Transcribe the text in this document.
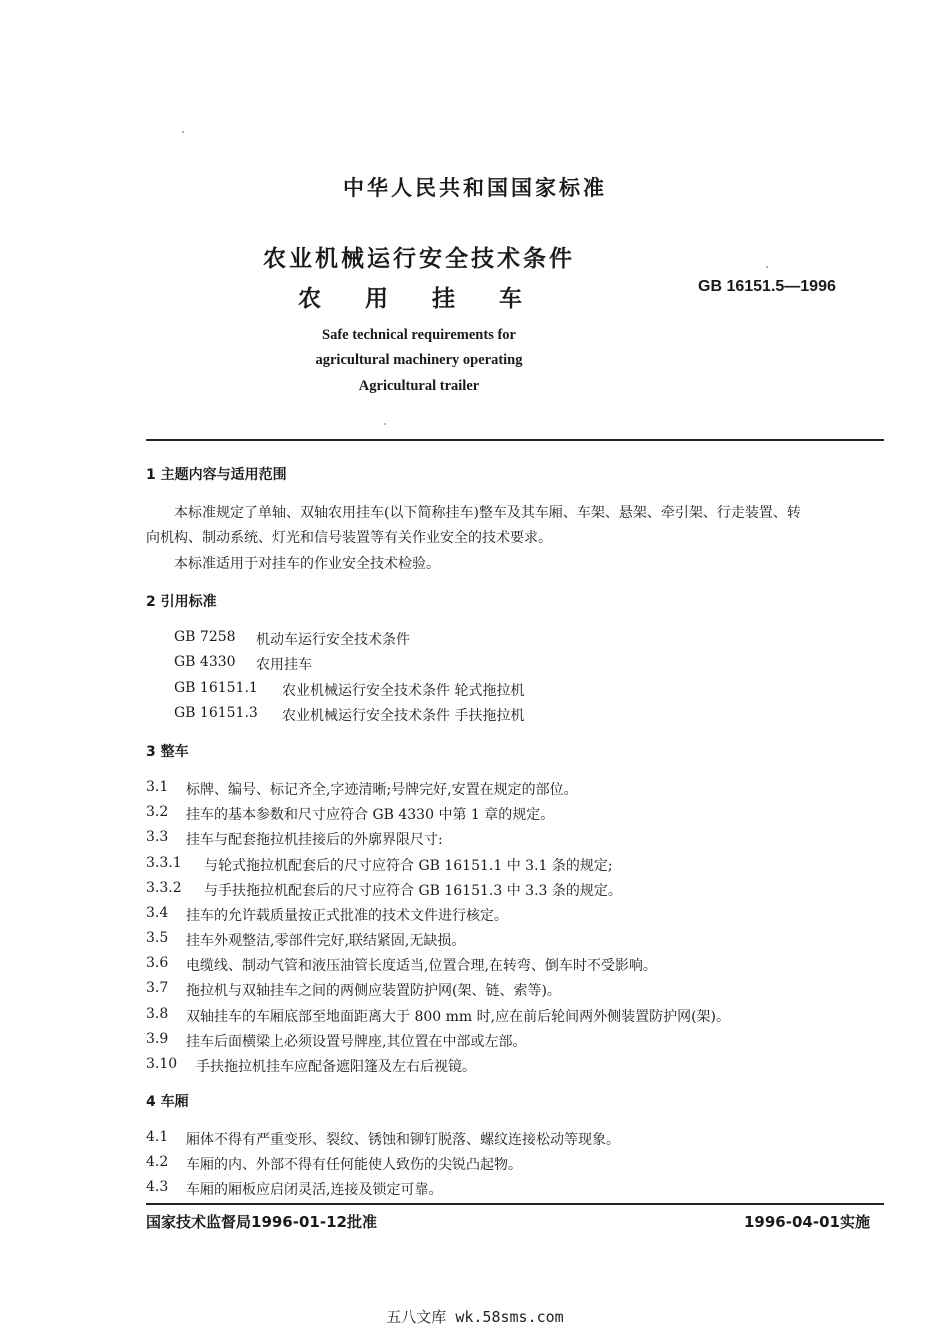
中华人民共和国国家标准
农业机械运行安全技术条件
农 用 挂 车	GB 16151.5—1996
Safe technical requirements for
agricultural machinery operating
Agricultural trailer
1 主题内容与适用范围
本标准规定了单轴、双轴农用挂车(以下简称挂车)整车及其车厢、车架、悬架、牵引架、行走装置、转
向机构、制动系统、灯光和信号装置等有关作业安全的技术要求。
本标准适用于对挂车的作业安全技术检验。
2 引用标准
GB 7258 机动车运行安全技术条件
GB 4330 农用挂车
GB 16151.1 农业机械运行安全技术条件 轮式拖拉机
GB 16151.3 农业机械运行安全技术条件 手扶拖拉机
3 整车
3.1 标牌、编号、标记齐全,字迹清晰;号牌完好,安置在规定的部位。
3.2 挂车的基本参数和尺寸应符合 GB 4330 中第 1 章的规定。
3.3 挂车与配套拖拉机挂接后的外廓界限尺寸:
3.3.1 与轮式拖拉机配套后的尺寸应符合 GB 16151.1 中 3.1 条的规定;
3.3.2 与手扶拖拉机配套后的尺寸应符合 GB 16151.3 中 3.3 条的规定。
3.4 挂车的允许载质量按正式批准的技术文件进行核定。
3.5 挂车外观整洁,零部件完好,联结紧固,无缺损。
3.6 电缆线、制动气管和液压油管长度适当,位置合理,在转弯、倒车时不受影响。
3.7 拖拉机与双轴挂车之间的两侧应装置防护网(架、链、索等)。
3.8 双轴挂车的车厢底部至地面距离大于 800 mm 时,应在前后轮间两外侧装置防护网(架)。
3.9 挂车后面横梁上必须设置号牌座,其位置在中部或左部。
3.10 手扶拖拉机挂车应配备遮阳篷及左右后视镜。
4 车厢
4.1 厢体不得有严重变形、裂纹、锈蚀和铆钉脱落、螺纹连接松动等现象。
4.2 车厢的内、外部不得有任何能使人致伤的尖锐凸起物。
4.3 车厢的厢板应启闭灵活,连接及锁定可靠。
国家技术监督局1996-01-12批准	1996-04-01实施
五八文库 wk.58sms.com
